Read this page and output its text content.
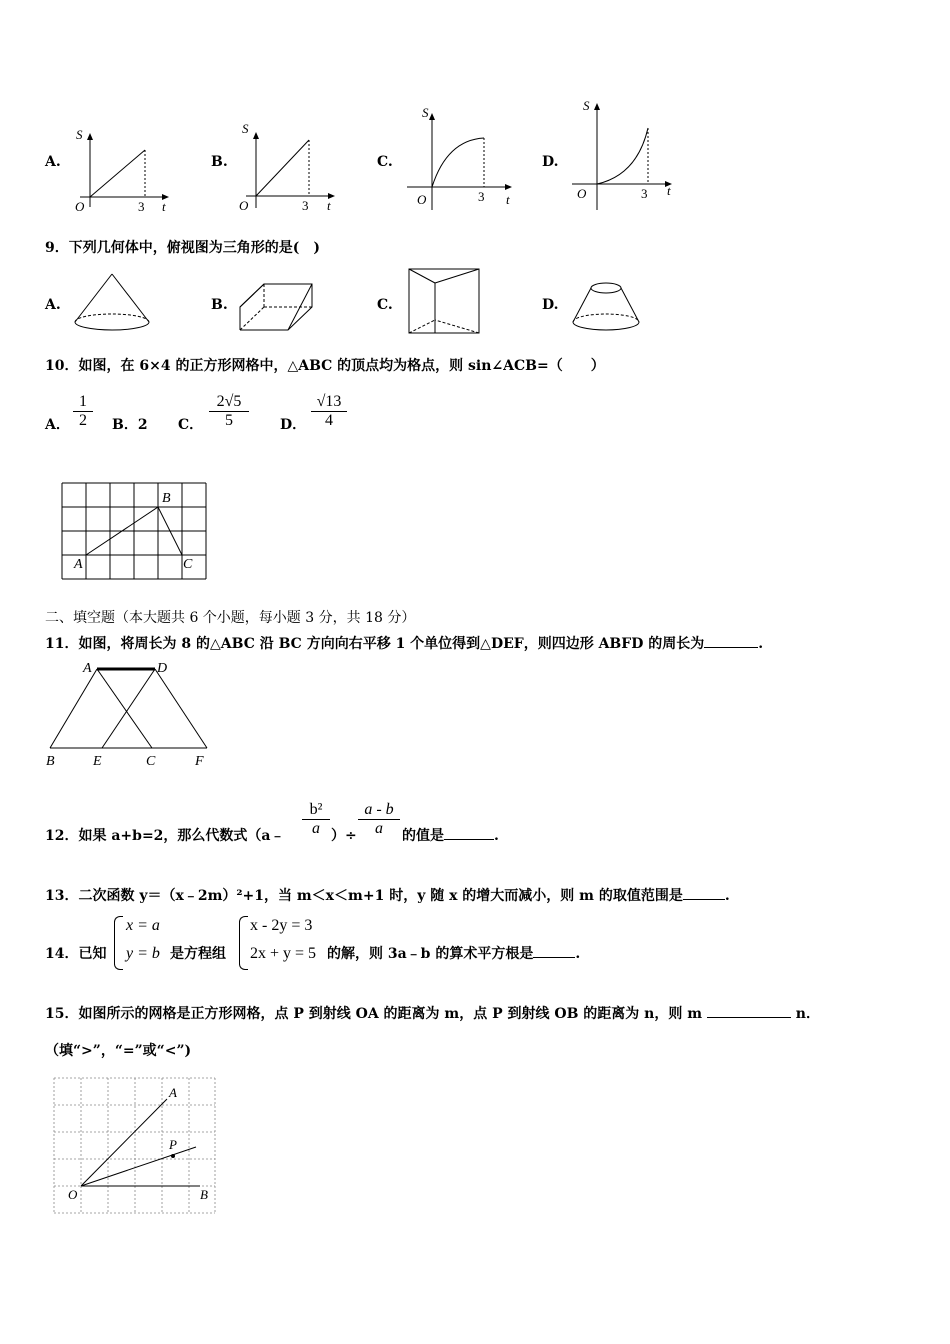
A.
S
O	3 t
B.
S
O	3 t
C.
S
O	3 t
D.
S
O	3 t
9．下列几何体中，俯视图为三角形的是(　)
A.	B.	C.	D.
10．如图，在 6×4 的正方形网格中，△ABC 的顶点均为格点，则 sin∠ACB=（　　）
A．
1
2	B．2 C．
2√5
5	D．
√13
4
B
A	C
二、填空题（本大题共 6 个小题，每小题 3 分，共 18 分）
11．如图，将周长为 8 的△ABC 沿 BC 方向向右平移 1 个单位得到△DEF，则四边形 ABFD 的周长为	.
A	D
B	E	C	F
12．如果 a+b=2，那么代数式（a﹣
b²
a ）÷
a - b
a	的值是	.
13．二次函数 y＝（x﹣2m）²+1，当 m＜x＜m+1 时，y 随 x 的增大而减小，则 m 的取值范围是	.
14．已知
x = a
y = b 是方程组
x - 2y = 3
2x + y = 5 的解，则 3a﹣b 的算术平方根是	.
15．如图所示的网格是正方形网格，点 P 到射线 OA 的距离为 m，点 P 到射线 OB 的距离为 n，则 m	n．
（填“>”，“=”或“<”)
A
P
O	B
